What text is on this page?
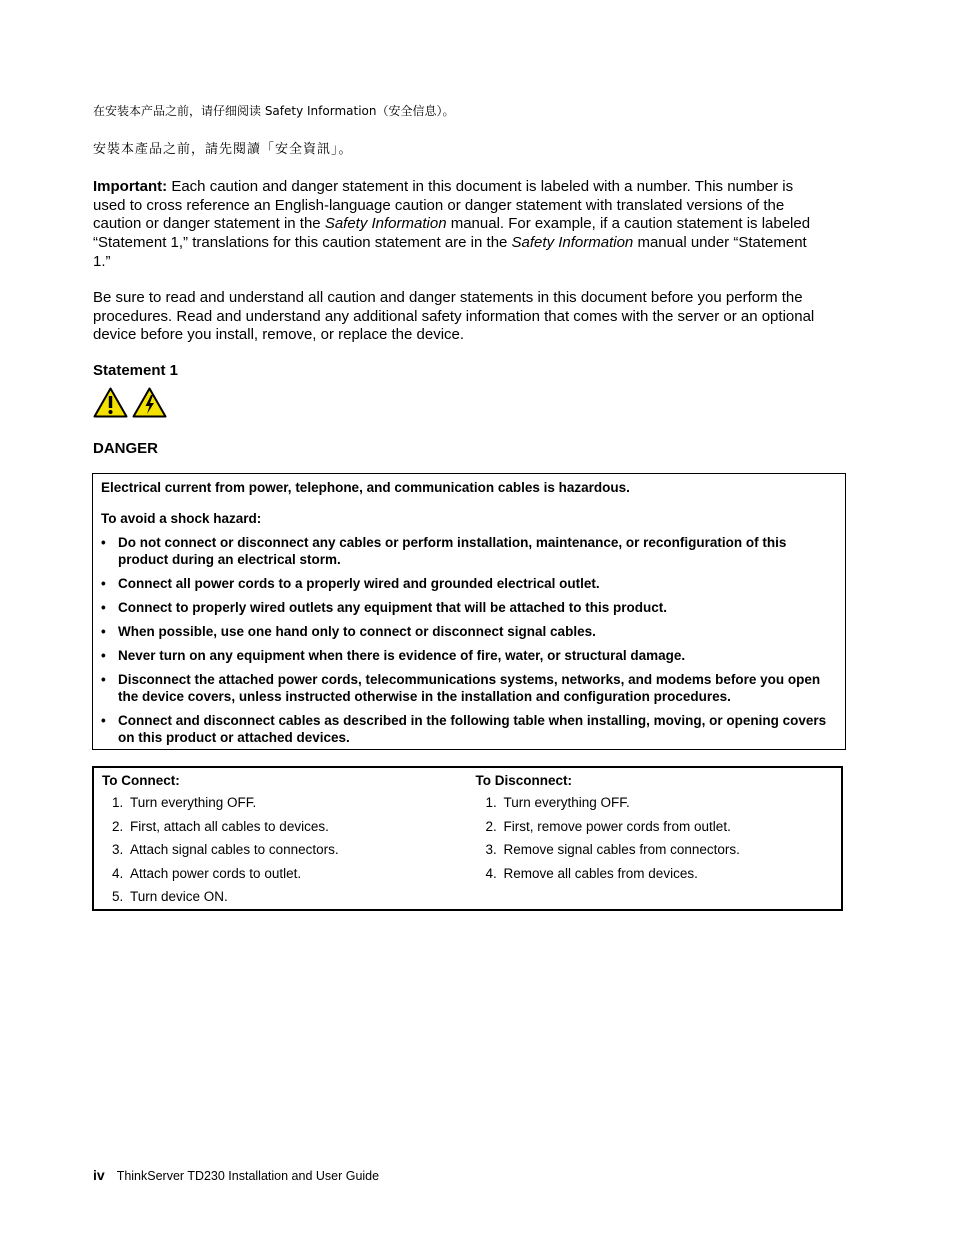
在安装本产品之前，请仔细阅读 Safety Information（安全信息）。
安裝本產品之前，請先閱讀「安全資訊」。
Important: Each caution and danger statement in this document is labeled with a number. This number is used to cross reference an English-language caution or danger statement with translated versions of the caution or danger statement in the Safety Information manual. For example, if a caution statement is labeled “Statement 1,” translations for this caution statement are in the Safety Information manual under “Statement 1.”
Be sure to read and understand all caution and danger statements in this document before you perform the procedures. Read and understand any additional safety information that comes with the server or an optional device before you install, remove, or replace the device.
Statement 1
DANGER

Electrical current from power, telephone, and communication cables is hazardous.

To avoid a shock hazard:

• Do not connect or disconnect any cables or perform installation, maintenance, or reconfiguration of this product during an electrical storm.
• Connect all power cords to a properly wired and grounded electrical outlet.
• Connect to properly wired outlets any equipment that will be attached to this product.
• When possible, use one hand only to connect or disconnect signal cables.
• Never turn on any equipment when there is evidence of fire, water, or structural damage.
• Disconnect the attached power cords, telecommunications systems, networks, and modems before you open the device covers, unless instructed otherwise in the installation and configuration procedures.
• Connect and disconnect cables as described in the following table when installing, moving, or opening covers on this product or attached devices.
To Connect:
1. Turn everything OFF.
2. First, attach all cables to devices.
3. Attach signal cables to connectors.
4. Attach power cords to outlet.
5. Turn device ON.
To Disconnect:
1. Turn everything OFF.
2. First, remove power cords from outlet.
3. Remove signal cables from connectors.
4. Remove all cables from devices.
iv ThinkServer TD230 Installation and User Guide
